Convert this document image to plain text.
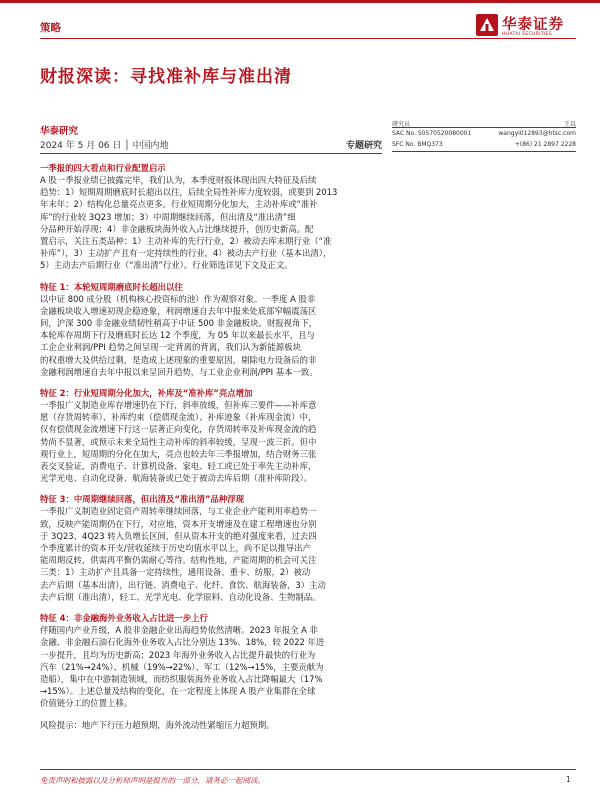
策略	华泰证券
HUATAI SECURITIES
财报深读：寻找准补库与准出清
华泰研究
2024 年 5 月 06 日 │ 中国内地	专题研究
研究员	王以
SAC No. S0570520080001	wangyi012893@htsc.com
SFC No. BMQ373	+(86) 21 2897 2228
一季报的四大看点和行业配置启示
A 股一季报业绩已披露完毕，我们认为，本季度财报体现出四大特征及后续
趋势：1）短期周期磨底时长超出以往，后续全局性补库力度较弱，或要到 2013
年末年；2）结构化总量亮点更多。行业短周期分化加大，主动补库或“准补
库”的行业较 3Q23 增加；3）中周期继续回落，但出清及“准出清”细
分品种开始浮现；4）非金融板块海外收入占比继续提升，创历史新高。配
置启示，关注五类品种：1）主动补库的先行行业，2）被动去库末期行业（“准
补库”），3）主动扩产且有一定持续性的行业，4）被动去产行业（基本出清），
5）主动去产后期行业（“准出清”行业）。行业筛选详见下文及正文。
特征 1：本轮短周期磨底时长超出以往
以中证 800 成分股（机构核心投资标的池）作为观察对象。一季度 A 股非
金融板块收入增速初现企稳迹象，利润增速自去年中报来处底部窄幅震荡区
间，沪深 300 非金融业绩韧性稍高于中证 500 非金融板块。财报视角下，
本轮库存周期下行及磨底时长达 12 个季度，为 05 年以来最长水平，且与
工企企业利润/PPI 趋势之间呈现一定背离的背离，我们认为新能源板块
的权重增大及供给过剩，是造成上述现象的重要原因，剔除电力设备后的非
金融利润增速自去年中报以来呈回升趋势，与工业企业利润/PPI 基本一致。
特征 2：行业短周期分化加大，补库及“准补库”亮点增加
一季报广义制造业库存增速仍在下行，斜率放缓，但补库三要件——补库意
愿（存货周转率）、补库约束（偿债现金流）、补库迹象（补库现金流）中，
仅有偿债现金流增速下行这一层著正向变化，存货周转率及补库现金流的趋
势尚不显著，或预示未来全局性主动补库的斜率较缓，呈现一波三折。但中
观行业上，短周期的分化在加大，亮点也较去年三季报增加，结合财务三张
表交叉验证，消费电子、计算机设备、家电、轻工或已处于率先主动补库，
光学光电、自动化设备、航海装备或已处于被动去库后期（准补库阶段）。
特征 3：中周期继续回落，但出清及“准出清”品种浮现
一季报广义制造业固定资产周转率继续回落，与工业企业产能利用率趋势一
致，反映产能周期仍在下行，对应地，资本开支增速及在建工程增速也分别
于 3Q23、4Q23 转入负增长区间，但从资本开支的绝对强度来看，过去四
个季度累计的资本开支/营收延续于历史均值水平以上，尚不足以推导出产
能周期反转，供需再平衡仍需耐心等待。结构性地，产能周期的机会可关注
三类：1）主动扩产且具备一定持续性，通用设备、重卡、纺服，2）被动
去产后期（基本出清），出行链、消费电子、化纤、食饮、航海装备，3）主动
去产后期（准出清），轻工、光学光电、化学原料、自动化设备、生物制品。
特征 4：非金融海外业务收入占比进一步上行
伴随国内产业升级，A 股非金融企业出海趋势依然清晰。2023 年报全 A 非
金融、非金融石油石化海外业务收入占比分别达 13%、18%，较 2022 年进
一步提升，且均为历史新高；2023 年海外业务收入占比提升最快的行业为
汽车（21%→24%）、机械（19%→22%）、军工（12%→15%，主要贡献为
造船），集中在中游制造领域，而纺织服装海外业务收入占比降幅最大（17%
→15%）。上述总量及结构的变化，在一定程度上体现 A 股产业集群在全球
价值链分工的位置上移。
风险提示：地产下行压力超预期，海外流动性紧缩压力超预期。
免责声明和披露以及分析师声明是报告的一部分，请务必一起阅读。	1
